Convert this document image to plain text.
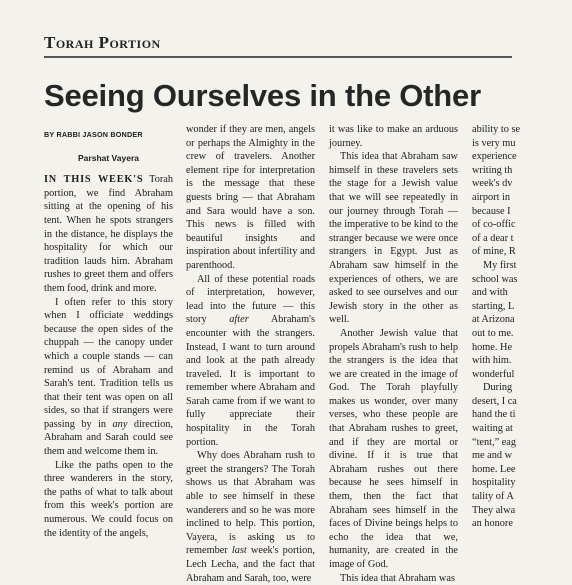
Torah Portion
Seeing Ourselves in the Other

BY RABBI JASON BONDER

Parshat Vayera

IN THIS WEEK'S Torah portion, we find Abraham sitting at the opening of his tent. When he spots strangers in the distance, he displays the hospitality for which our tradition lauds him. Abraham rushes to greet them and offers them food, drink and more.

I often refer to this story when I officiate weddings because the open sides of the chuppah — the canopy under which a couple stands — can remind us of Abraham and Sarah's tent. Tradition tells us that their tent was open on all sides, so that if strangers were passing by in any direction, Abraham and Sarah could see them and welcome them in.

Like the paths open to the three wanderers in the story, the paths of what to talk about from this week's portion are numerous. We could focus on the identity of the angels,

wonder if they are men, angels or perhaps the Almighty in the crew of travelers. Another element ripe for interpretation is the message that these guests bring — that Abraham and Sara would have a son. This news is filled with beautiful insights and inspiration about infertility and parenthood.

All of these potential roads of interpretation, however, lead into the future — this story after Abraham's encounter with the strangers. Instead, I want to turn around and look at the path already traveled. It is important to remember where Abraham and Sarah came from if we want to fully appreciate their hospitality in the Torah portion.

Why does Abraham rush to greet the strangers? The Torah shows us that Abraham was able to see himself in these wanderers and so he was more inclined to help. This portion, Vayera, is asking us to remember last week's portion, Lech Lecha, and the fact that Abraham and Sarah, too, were

it was like to make an arduous journey.

This idea that Abraham saw himself in these travelers sets the stage for a Jewish value that we will see repeatedly in our journey through Torah — the imperative to be kind to the stranger because we were once strangers in Egypt. Just as Abraham saw himself in the experiences of others, we are asked to see ourselves and our Jewish story in the other as well.

Another Jewish value that propels Abraham's rush to help the strangers is the idea that we are created in the image of God. The Torah playfully makes us wonder, over many verses, who these people are that Abraham rushes to greet, and if they are mortal or divine. If it is true that Abraham rushes out there because he sees himself in them, then the fact that Abraham sees himself in the faces of Divine beings helps to echo the idea that we, humanity, are created in the image of God.

This idea that Abraham was

ability to se
is very mu
experience
writing th
week's dv
airport in
because I
of co-offic
of a dear t
of mine, R
My first
school was
and with
starting, L
at Arizona
out to me.
home. He
with him.
wonderful
During
desert, I ca
hand the ti
waiting at
“tent,” eag
me and w
home. Lee
hospitality
tality of A
They alwa
an honore
